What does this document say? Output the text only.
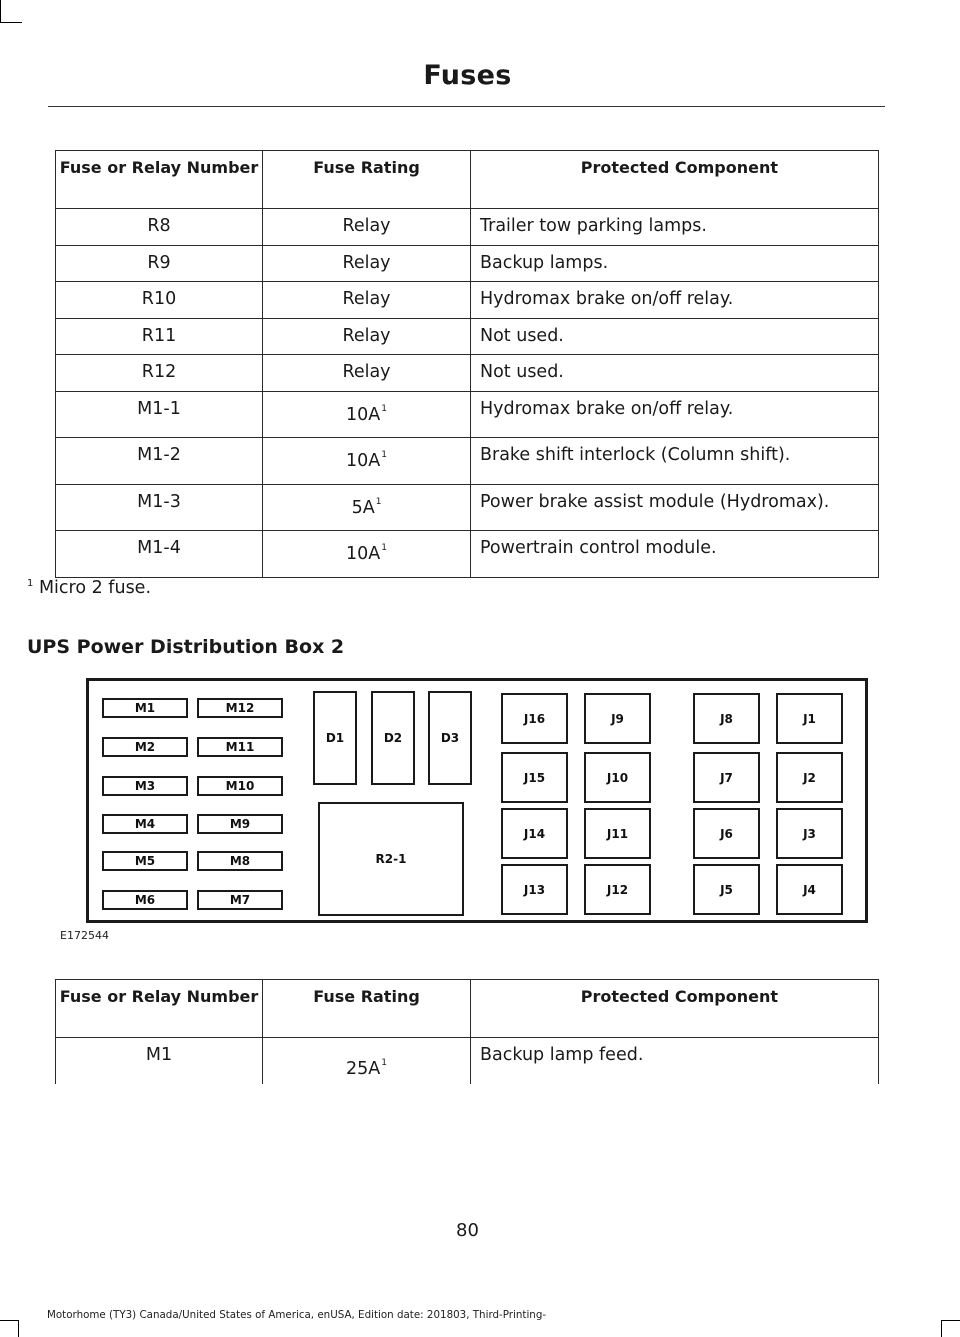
Fuses
Fuse or Relay Number	Fuse Rating	Protected Component
R8	Relay	Trailer tow parking lamps.
R9	Relay	Backup lamps.
R10	Relay	Hydromax brake on/off relay.
R11	Relay	Not used.
R12	Relay	Not used.
M1-1	$10A^1$	Hydromax brake on/off relay.
M1-2	$10A^1$	Brake shift interlock (Column shift).
M1-3	$5A^1$	Power brake assist module (Hydromax).
M1-4	$10A^1$	Powertrain control module.
$^1$ Micro 2 fuse.
UPS Power Distribution Box 2
M1
M2
M3
M4
M5
M6
M12
M11
M10
M9
M8
M7
D1	D2	D3
R2-1
J16
J15
J14
J13
J9
J10
J11
J12
J8
J7
J6
J5
J1
J2
J3
J4
E172544
Fuse or Relay Number	Fuse Rating	Protected Component
M1	$25A^1$	Backup lamp feed.
80
Motorhome (TY3) Canada/United States of America, enUSA, Edition date: 201803, Third-Printing-
